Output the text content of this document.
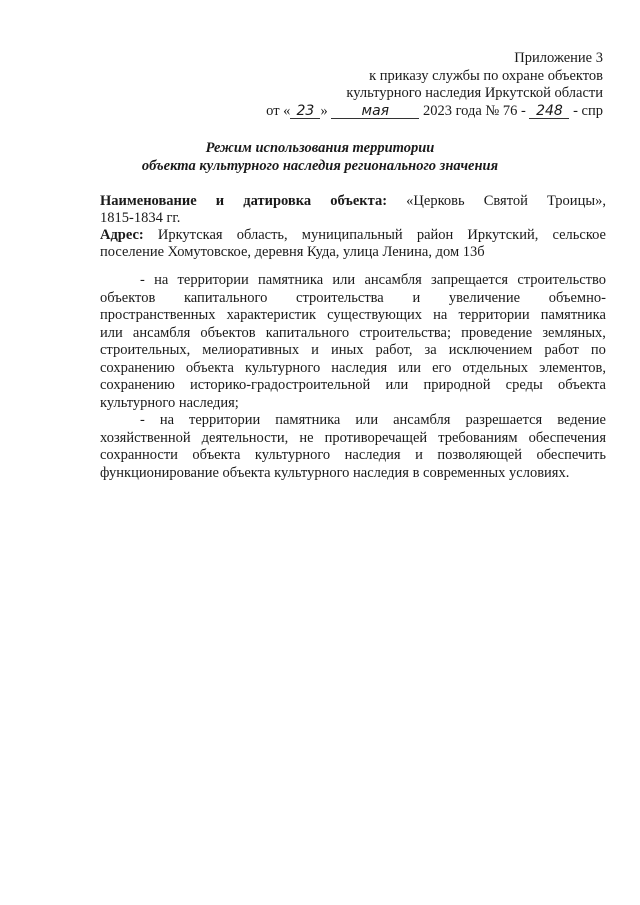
Приложение 3
к приказу службы по охране объектов
культурного наследия Иркутской области
от « 23 » мая 2023 года № 76 - 248 - спр
Режим использования территории
объекта культурного наследия регионального значения
Наименование и датировка объекта: «Церковь Святой Троицы»,
1815-1834 гг.
Адрес: Иркутская область, муниципальный район Иркутский, сельское
поселение Хомутовское, деревня Куда, улица Ленина, дом 13б
- на территории памятника или ансамбля запрещается строительство
объектов капитального строительства и увеличение объемно-
пространственных характеристик существующих на территории памятника
или ансамбля объектов капитального строительства; проведение земляных,
строительных, мелиоративных и иных работ, за исключением работ по
сохранению объекта культурного наследия или его отдельных элементов,
сохранению историко-градостроительной или природной среды объекта
культурного наследия;
- на территории памятника или ансамбля разрешается ведение
хозяйственной деятельности, не противоречащей требованиям обеспечения
сохранности объекта культурного наследия и позволяющей обеспечить
функционирование объекта культурного наследия в современных условиях.
